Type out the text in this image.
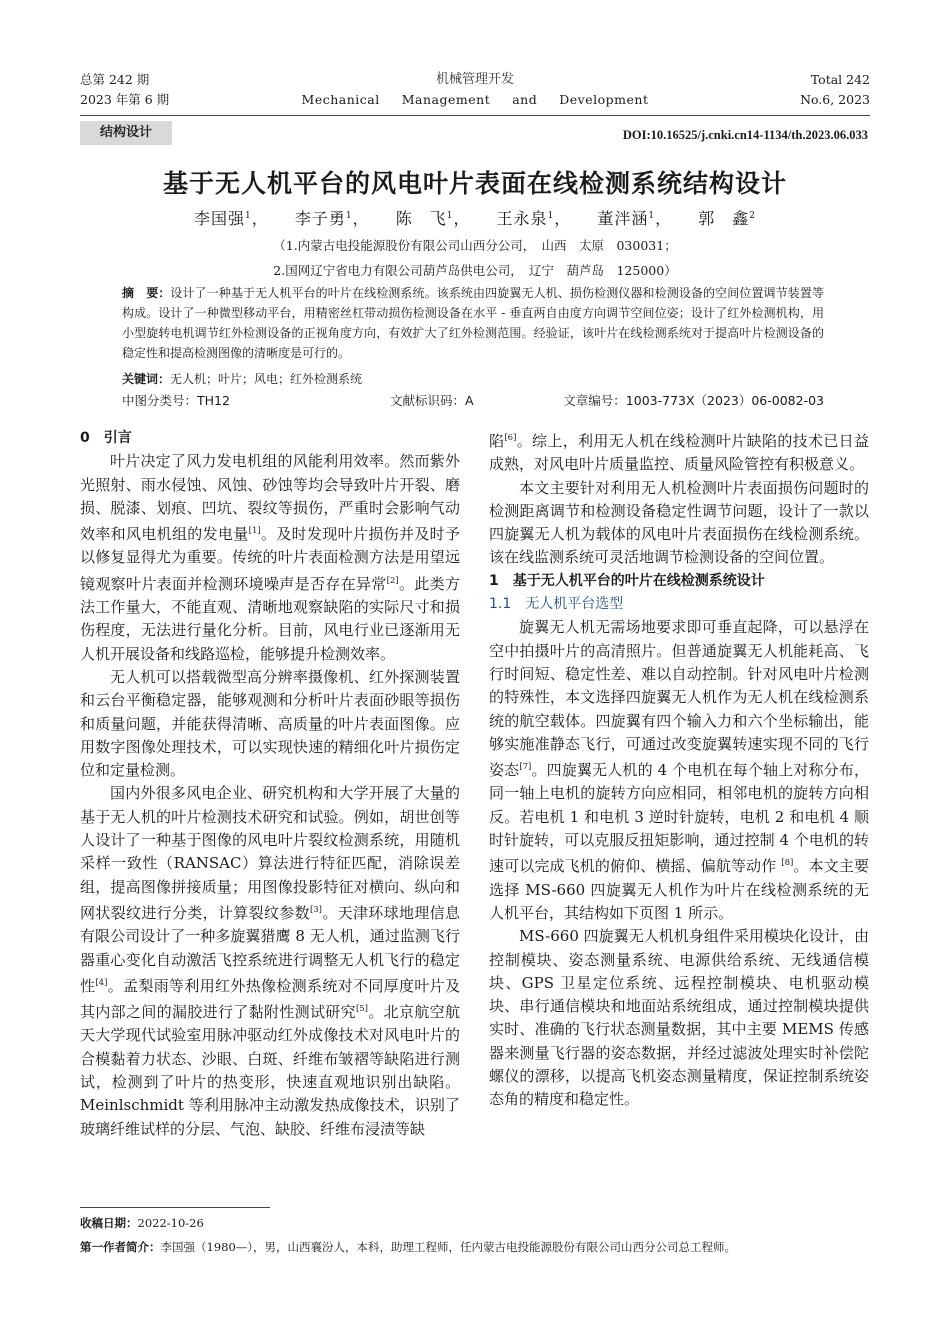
总第 242 期
2023 年第 6 期
机械管理开发
Mechanical Management and Development
Total 242
No.6, 2023
结构设计	DOI:10.16525/j.cnki.cn14-1134/th.2023.06.033
基于无人机平台的风电叶片表面在线检测系统结构设计
李国强$^1$， 李子勇$^1$， 陈　飞$^1$， 王永泉$^1$， 董泮涵$^1$， 郭　鑫$^2$
（1.内蒙古电投能源股份有限公司山西分公司，　山西　太原　030031；
2.国网辽宁省电力有限公司葫芦岛供电公司，　辽宁　葫芦岛　125000）
摘　要：设计了一种基于无人机平台的叶片在线检测系统。该系统由四旋翼无人机、损伤检测仪器和检测设备的空间位置调节装置等构成。设计了一种微型移动平台，用精密丝杠带动损伤检测设备在水平 - 垂直两自由度方向调节空间位姿；设计了红外检测机构，用小型旋转电机调节红外检测设备的正视角度方向，有效扩大了红外检测范围。经验证，该叶片在线检测系统对于提高叶片检测设备的稳定性和提高检测图像的清晰度是可行的。
关键词：无人机；叶片；风电；红外检测系统
中图分类号：TH12	文献标识码：A	文章编号：1003-773X（2023）06-0082-03
0 引言

叶片决定了风力发电机组的风能利用效率。然而紫外光照射、雨水侵蚀、风蚀、砂蚀等均会导致叶片开裂、磨损、脱漆、划痕、凹坑、裂纹等损伤，严重时会影响气动效率和风电机组的发电量[1]。及时发现叶片损伤并及时予以修复显得尤为重要。传统的叶片表面检测方法是用望远镜观察叶片表面并检测环境噪声是否存在异常[2]。此类方法工作量大，不能直观、清晰地观察缺陷的实际尺寸和损伤程度，无法进行量化分析。目前，风电行业已逐渐用无人机开展设备和线路巡检，能够提升检测效率。

无人机可以搭载微型高分辨率摄像机、红外探测装置和云台平衡稳定器，能够观测和分析叶片表面砂眼等损伤和质量问题，并能获得清晰、高质量的叶片表面图像。应用数字图像处理技术，可以实现快速的精细化叶片损伤定位和定量检测。

国内外很多风电企业、研究机构和大学开展了大量的基于无人机的叶片检测技术研究和试验。例如，胡世创等人设计了一种基于图像的风电叶片裂纹检测系统，用随机采样一致性（RANSAC）算法进行特征匹配，消除误差组，提高图像拼接质量；用图像投影特征对横向、纵向和网状裂纹进行分类，计算裂纹参数[3]。天津环球地理信息有限公司设计了一种多旋翼猎鹰 8 无人机，通过监测飞行器重心变化自动激活飞控系统进行调整无人机飞行的稳定性[4]。孟梨雨等利用红外热像检测系统对不同厚度叶片及其内部之间的漏胶进行了黏附性测试研究[5]。北京航空航天大学现代试验室用脉冲驱动红外成像技术对风电叶片的合模黏着力状态、沙眼、白斑、纤维布皱褶等缺陷进行测试，检测到了叶片的热变形，快速直观地识别出缺陷。Meinlschmidt 等利用脉冲主动激发热成像技术，识别了玻璃纤维试样的分层、气泡、缺胶、纤维布浸渍等缺

陷[6]。综上，利用无人机在线检测叶片缺陷的技术已日益成熟，对风电叶片质量监控、质量风险管控有积极意义。

本文主要针对利用无人机检测叶片表面损伤问题时的检测距离调节和检测设备稳定性调节问题，设计了一款以四旋翼无人机为载体的风电叶片表面损伤在线检测系统。该在线监测系统可灵活地调节检测设备的空间位置。

1 基于无人机平台的叶片在线检测系统设计
1.1 无人机平台选型

旋翼无人机无需场地要求即可垂直起降，可以悬浮在空中拍摄叶片的高清照片。但普通旋翼无人机能耗高、飞行时间短、稳定性差、难以自动控制。针对风电叶片检测的特殊性，本文选择四旋翼无人机作为无人机在线检测系统的航空载体。四旋翼有四个输入力和六个坐标输出，能够实施准静态飞行，可通过改变旋翼转速实现不同的飞行姿态[7]。四旋翼无人机的 4 个电机在每个轴上对称分布，同一轴上电机的旋转方向应相同，相邻电机的旋转方向相反。若电机 1 和电机 3 逆时针旋转，电机 2 和电机 4 顺时针旋转，可以克服反扭矩影响，通过控制 4 个电机的转速可以完成飞机的俯仰、横摇、偏航等动作 [8]。本文主要选择 MS-660 四旋翼无人机作为叶片在线检测系统的无人机平台，其结构如下页图 1 所示。

MS-660 四旋翼无人机机身组件采用模块化设计，由控制模块、姿态测量系统、电源供给系统、无线通信模块、GPS 卫星定位系统、远程控制模块、电机驱动模块、串行通信模块和地面站系统组成，通过控制模块提供实时、准确的飞行状态测量数据，其中主要 MEMS 传感器来测量飞行器的姿态数据，并经过滤波处理实时补偿陀螺仪的漂移，以提高飞机姿态测量精度，保证控制系统姿态角的精度和稳定性。

收稿日期：2022-10-26
第一作者简介：李国强（1980—），男，山西襄汾人，本科，助理工程师，任内蒙古电投能源股份有限公司山西分公司总工程师。
